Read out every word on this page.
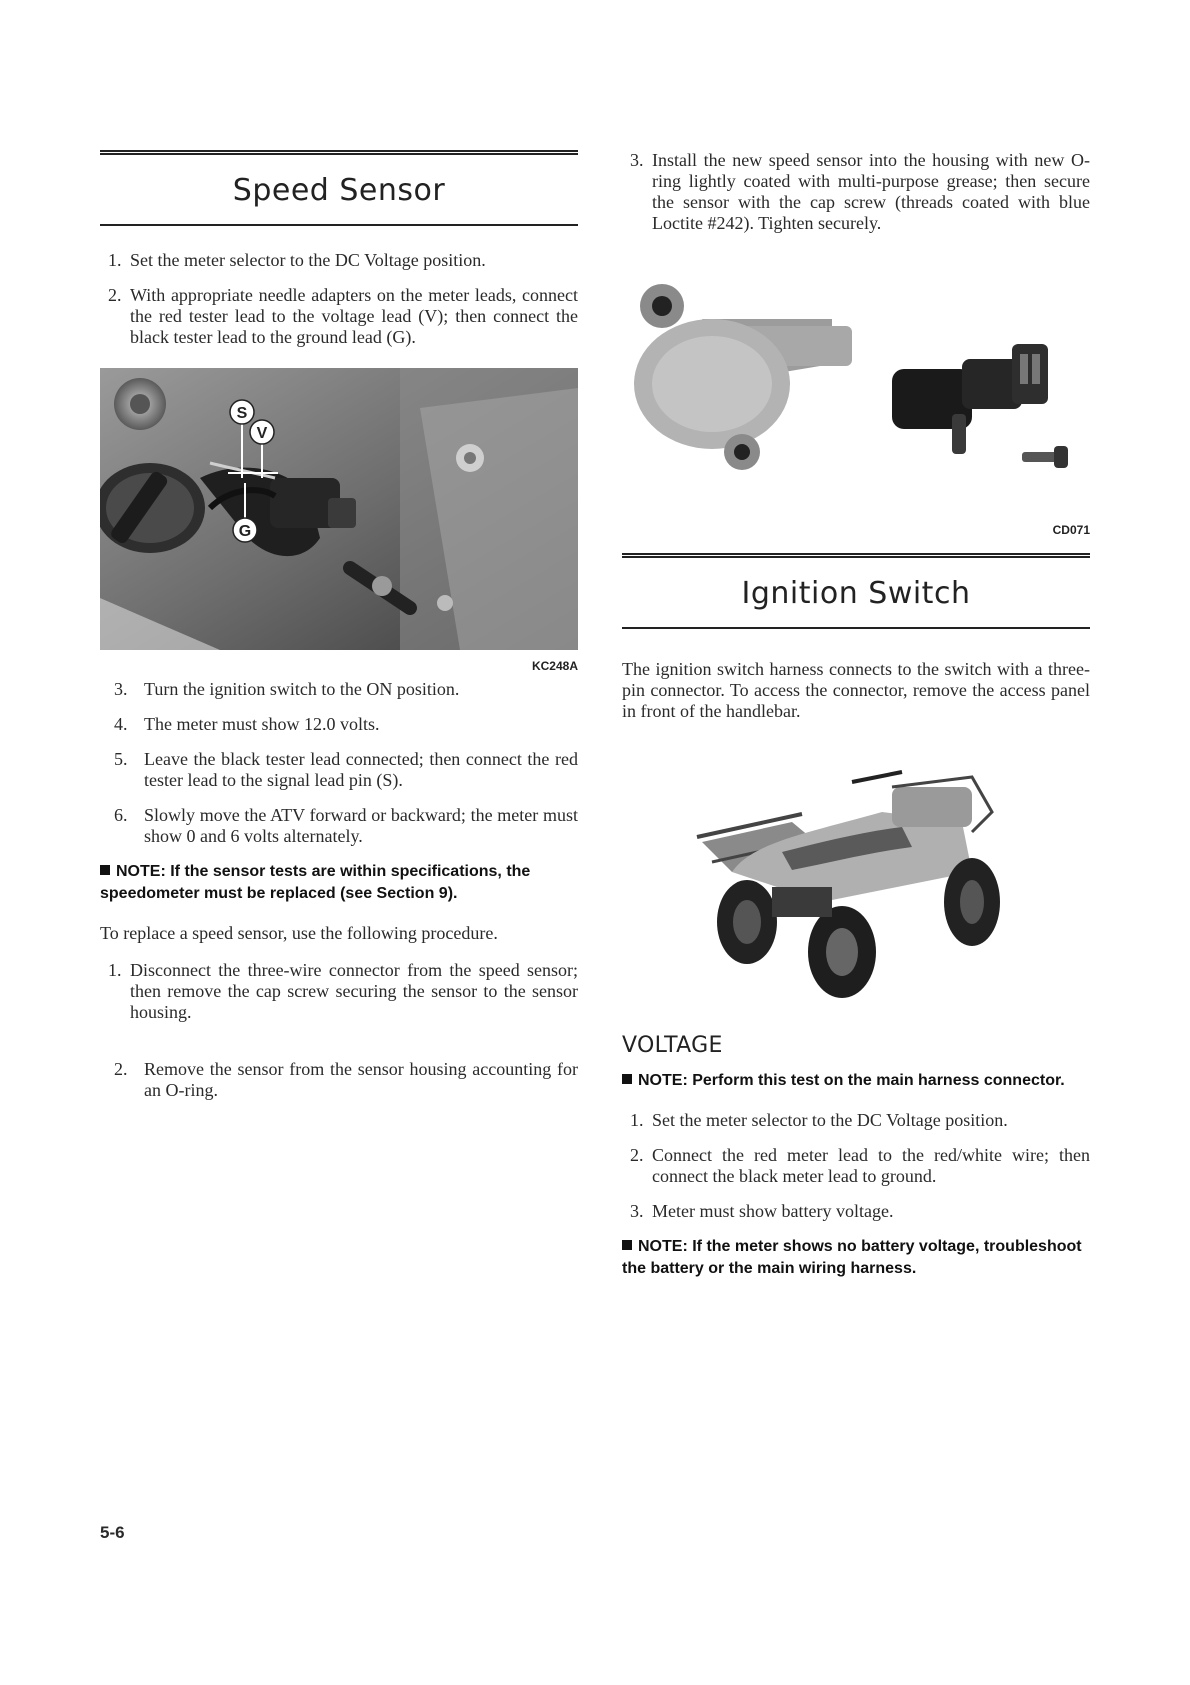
Speed Sensor
1. Set the meter selector to the DC Voltage position.
2. With appropriate needle adapters on the meter leads, connect the red tester lead to the voltage lead (V); then connect the black tester lead to the ground lead (G).
S
V
G
KC248A
3. Turn the ignition switch to the ON position.
4. The meter must show 12.0 volts.
5. Leave the black tester lead connected; then connect the red tester lead to the signal lead pin (S).
6. Slowly move the ATV forward or backward; the meter must show 0 and 6 volts alternately.
NOTE: If the sensor tests are within specifications, the speedometer must be replaced (see Section 9).

To replace a speed sensor, use the following procedure.

1. Disconnect the three-wire connector from the speed sensor; then remove the cap screw securing the sensor to the sensor housing.
2. Remove the sensor from the sensor housing accounting for an O-ring.
3. Install the new speed sensor into the housing with new O-ring lightly coated with multi-purpose grease; then secure the sensor with the cap screw (threads coated with blue Loctite #242). Tighten securely.
CD071
Ignition Switch

The ignition switch harness connects to the switch with a three-pin connector. To access the connector, remove the access panel in front of the handlebar.

VOLTAGE
NOTE: Perform this test on the main harness connector.
1. Set the meter selector to the DC Voltage position.
2. Connect the red meter lead to the red/white wire; then connect the black meter lead to ground.
3. Meter must show battery voltage.
NOTE: If the meter shows no battery voltage, troubleshoot the battery or the main wiring harness.
5-6
